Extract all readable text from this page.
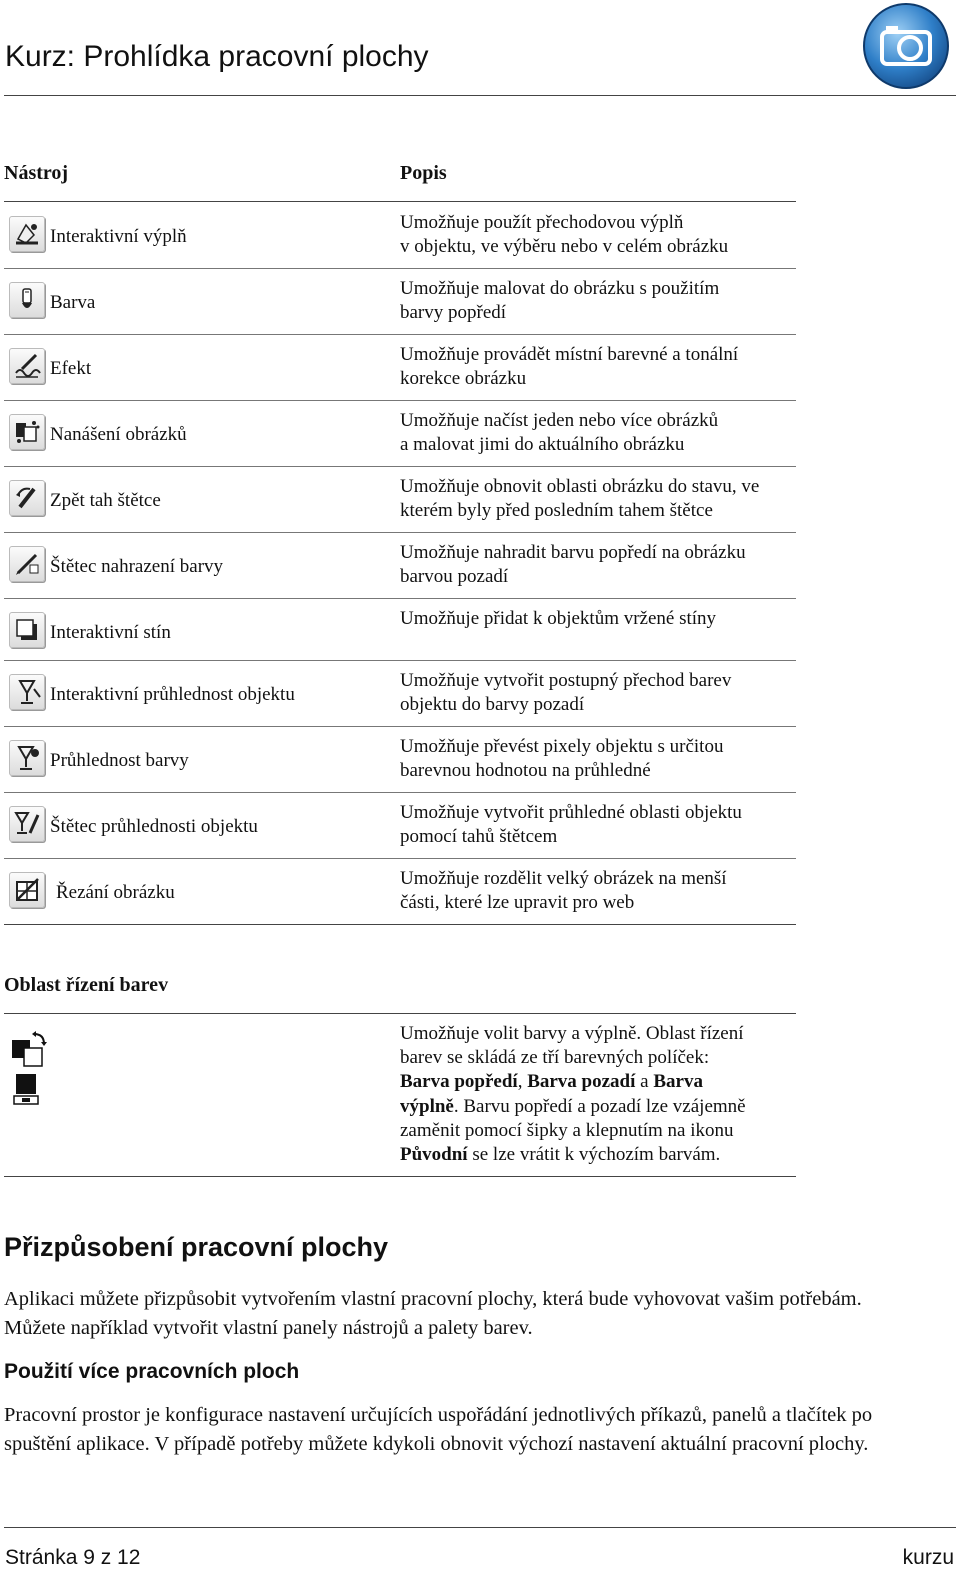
Kurz: Prohlídka pracovní plochy
Nástroj	Popis
Interaktivní výplň
Umožňuje použít přechodovou výplň
v objektu, ve výběru nebo v celém obrázku
Barva
Umožňuje malovat do obrázku s použitím
barvy popředí
Efekt
Umožňuje provádět místní barevné a tonální
korekce obrázku
Nanášení obrázků
Umožňuje načíst jeden nebo více obrázků
a malovat jimi do aktuálního obrázku
Zpět tah štětce
Umožňuje obnovit oblasti obrázku do stavu, ve
kterém byly před posledním tahem štětce
Štětec nahrazení barvy
Umožňuje nahradit barvu popředí na obrázku
barvou pozadí
Interaktivní stín
Umožňuje přidat k objektům vržené stíny
Interaktivní průhlednost objektu
Umožňuje vytvořit postupný přechod barev
objektu do barvy pozadí
Průhlednost barvy
Umožňuje převést pixely objektu s určitou
barevnou hodnotou na průhledné
Štětec průhlednosti objektu
Umožňuje vytvořit průhledné oblasti objektu
pomocí tahů štětcem
Řezání obrázku
Umožňuje rozdělit velký obrázek na menší
části, které lze upravit pro web
Oblast řízení barev
Umožňuje volit barvy a výplně. Oblast řízení
barev se skládá ze tří barevných políček:
Barva popředí, Barva pozadí a Barva
výplně. Barvu popředí a pozadí lze vzájemně
zaměnit pomocí šipky a klepnutím na ikonu
Původní se lze vrátit k výchozím barvám.
Přizpůsobení pracovní plochy
Aplikaci můžete přizpůsobit vytvořením vlastní pracovní plochy, která bude vyhovovat vašim potřebám.
Můžete například vytvořit vlastní panely nástrojů a palety barev.
Použití více pracovních ploch
Pracovní prostor je konfigurace nastavení určujících uspořádání jednotlivých příkazů, panelů a tlačítek po
spuštění aplikace. V případě potřeby můžete kdykoli obnovit výchozí nastavení aktuální pracovní plochy.
Stránka 9 z 12	kurzu
